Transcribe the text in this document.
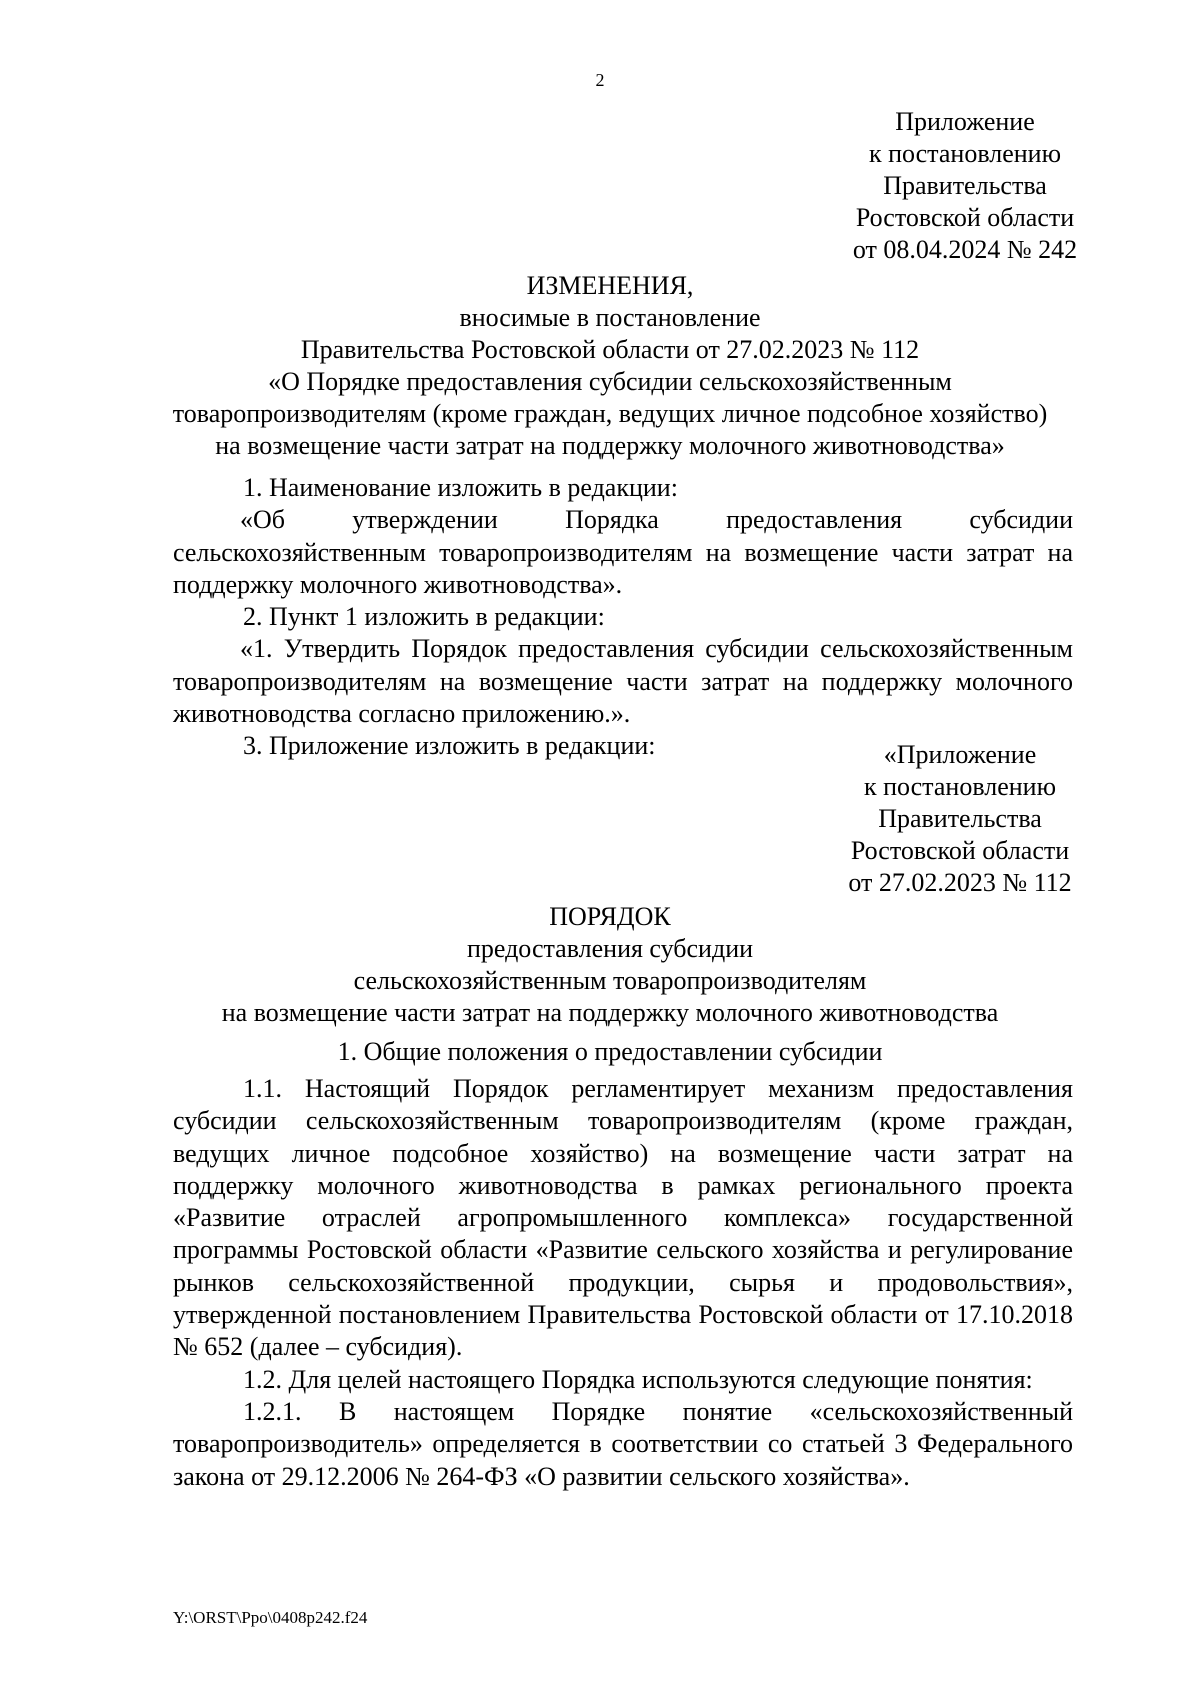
2
Приложение
к постановлению
Правительства
Ростовской области
от 08.04.2024 № 242
ИЗМЕНЕНИЯ,
вносимые в постановление
Правительства Ростовской области от 27.02.2023 № 112
«О Порядке предоставления субсидии сельскохозяйственным
товаропроизводителям (кроме граждан, ведущих личное подсобное хозяйство)
на возмещение части затрат на поддержку молочного животноводства»

1. Наименование изложить в редакции:

«Об утверждении Порядка предоставления субсидии сельскохозяйственным товаропроизводителям на возмещение части затрат на поддержку молочного животноводства».

2. Пункт 1 изложить в редакции:

«1. Утвердить Порядок предоставления субсидии сельскохозяйственным товаропроизводителям на возмещение части затрат на поддержку молочного животноводства согласно приложению.».

3. Приложение изложить в редакции:	«Приложение
к постановлению
Правительства
Ростовской области
от 27.02.2023 № 112
ПОРЯДОК
предоставления субсидии
сельскохозяйственным товаропроизводителям
на возмещение части затрат на поддержку молочного животноводства
1. Общие положения о предоставлении субсидии

1.1. Настоящий Порядок регламентирует механизм предоставления субсидии сельскохозяйственным товаропроизводителям (кроме граждан, ведущих личное подсобное хозяйство) на возмещение части затрат на поддержку молочного животноводства в рамках регионального проекта «Развитие отраслей агропромышленного комплекса» государственной программы Ростовской области «Развитие сельского хозяйства и регулирование рынков сельскохозяйственной продукции, сырья и продовольствия», утвержденной постановлением Правительства Ростовской области от 17.10.2018 № 652 (далее – субсидия).

1.2. Для целей настоящего Порядка используются следующие понятия:

1.2.1. В настоящем Порядке понятие «сельскохозяйственный товаропроизводитель» определяется в соответствии со статьей 3 Федерального закона от 29.12.2006 № 264-ФЗ «О развитии сельского хозяйства».

Y:\ORST\Ppo\0408p242.f24
